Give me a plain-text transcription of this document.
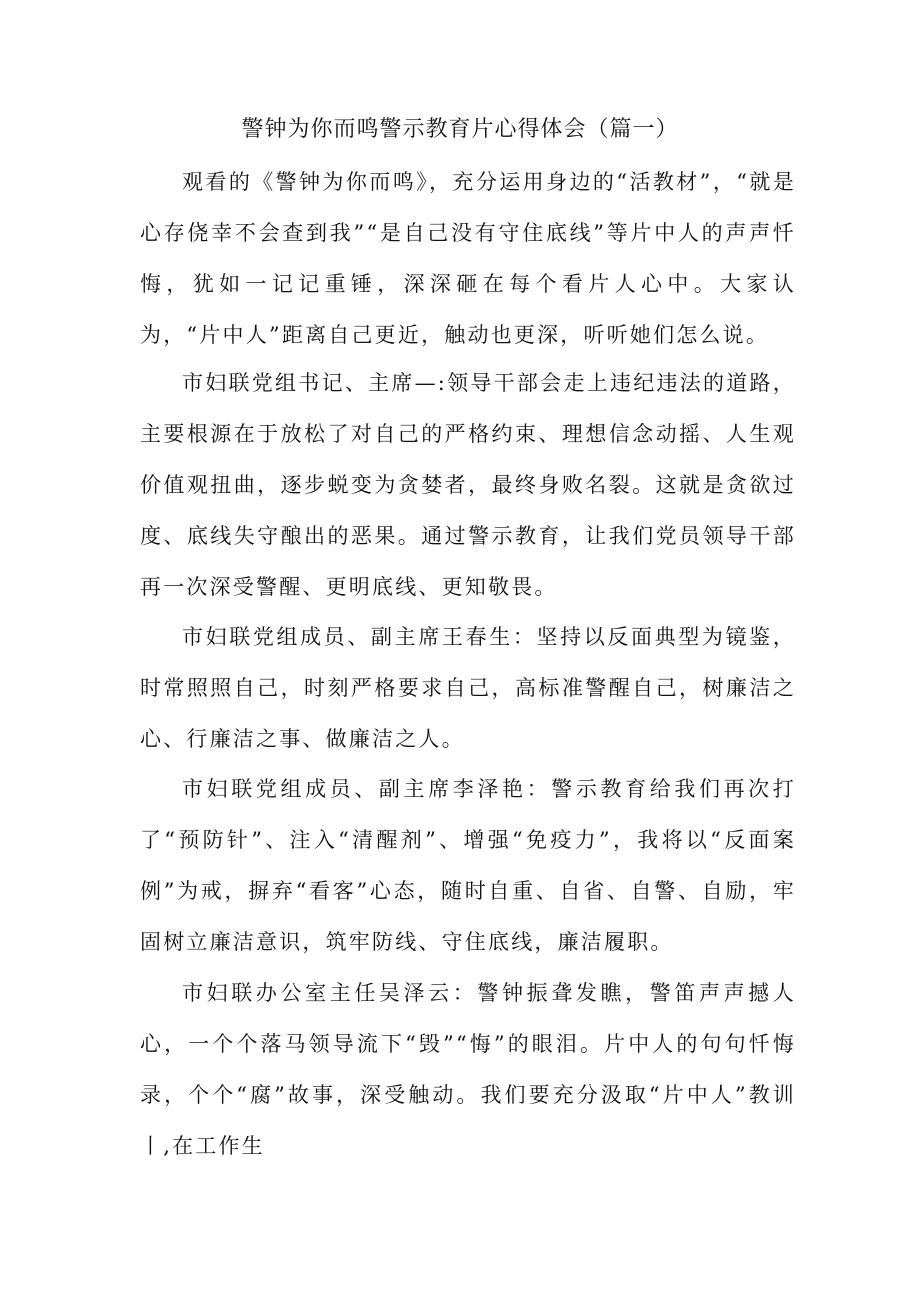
警钟为你而鸣警示教育片心得体会（篇一）

观看的《警钟为你而鸣》，充分运用身边的“活教材”，“就是心存侥幸不会查到我”“是自己没有守住底线”等片中人的声声忏悔，犹如一记记重锤，深深砸在每个看片人心中。大家认为，“片中人”距离自己更近，触动也更深，听听她们怎么说。

市妇联党组书记、主席—:领导干部会走上违纪违法的道路，主要根源在于放松了对自己的严格约束、理想信念动摇、人生观价值观扭曲，逐步蜕变为贪婪者，最终身败名裂。这就是贪欲过度、底线失守酿出的恶果。通过警示教育，让我们党员领导干部再一次深受警醒、更明底线、更知敬畏。

市妇联党组成员、副主席王春生：坚持以反面典型为镜鉴，时常照照自己，时刻严格要求自己，高标准警醒自己，树廉洁之心、行廉洁之事、做廉洁之人。

市妇联党组成员、副主席李泽艳：警示教育给我们再次打了“预防针”、注入“清醒剂”、增强“免疫力”，我将以“反面案例”为戒，摒弃“看客”心态，随时自重、自省、自警、自励，牢固树立廉洁意识，筑牢防线、守住底线，廉洁履职。

市妇联办公室主任吴泽云：警钟振聋发瞧，警笛声声撼人心，一个个落马领导流下“毁”“悔”的眼泪。片中人的句句忏悔录，个个“腐”故事，深受触动。我们要充分汲取“片中人”教训丨,在工作生
